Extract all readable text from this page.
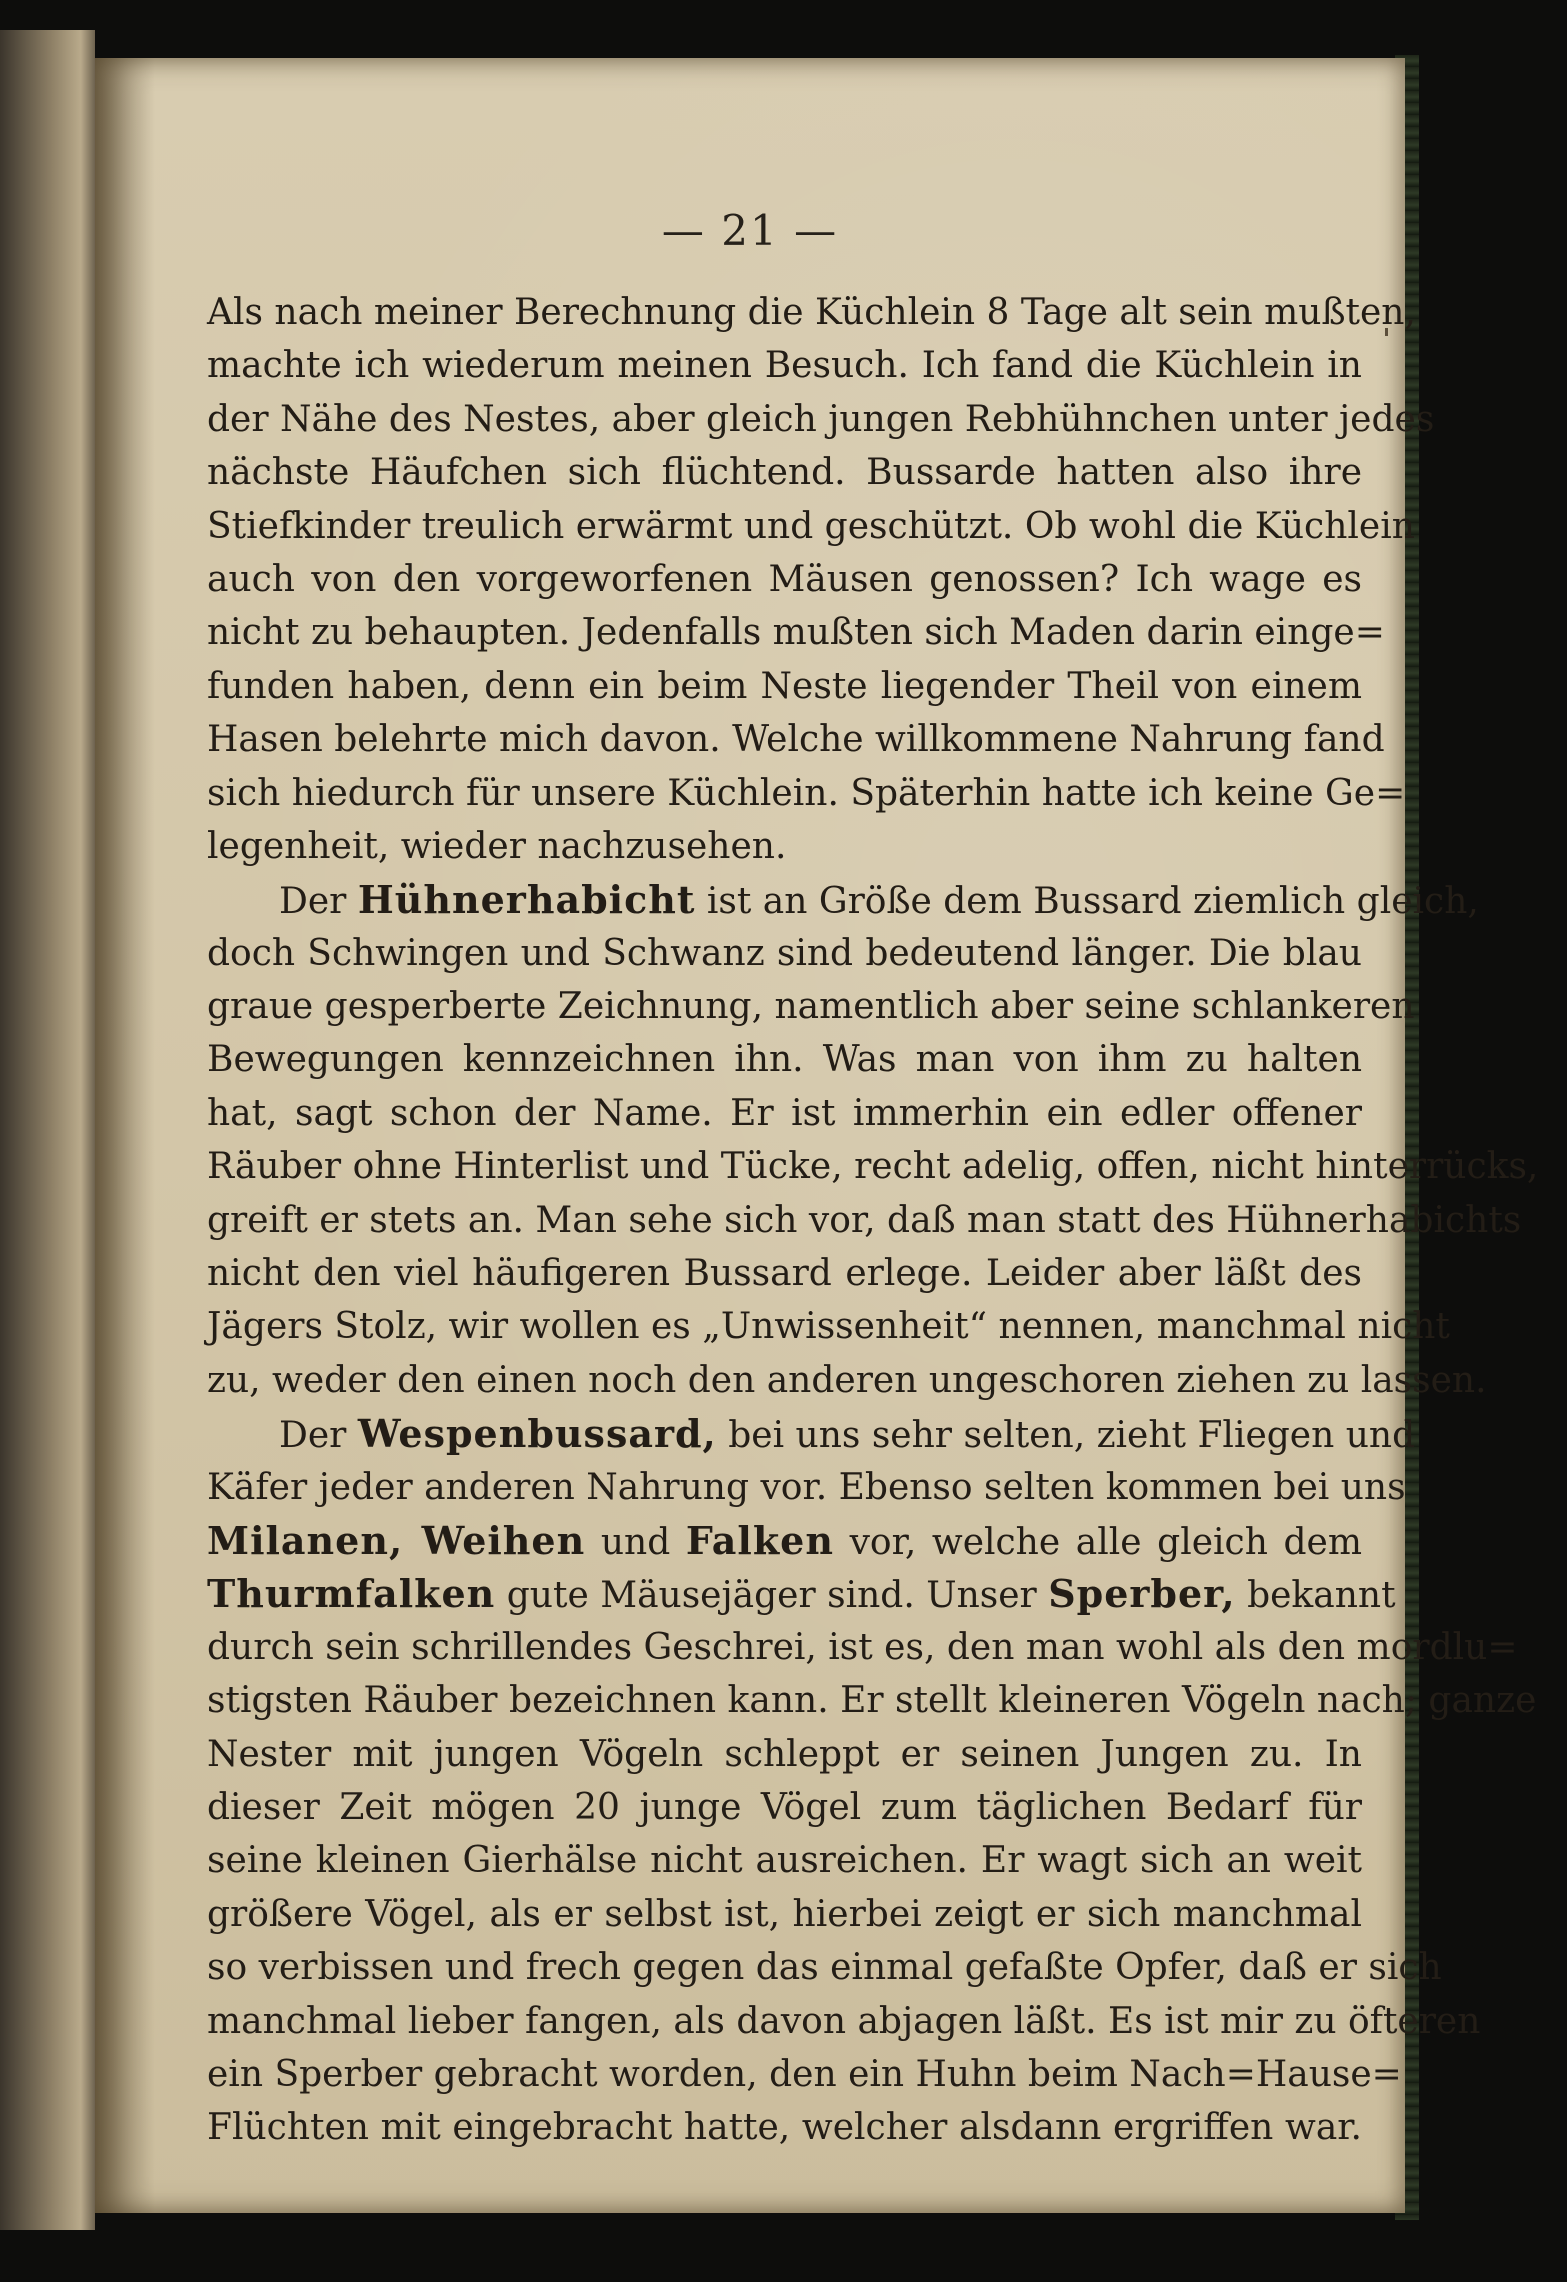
— 21 —
Als nach meiner Berechnung die Küchlein 8 Tage alt sein mußten,
machte ich wiederum meinen Besuch. Ich fand die Küchlein in
der Nähe des Nestes, aber gleich jungen Rebhühnchen unter jedes
nächste Häufchen sich flüchtend. Bussarde hatten also ihre
Stiefkinder treulich erwärmt und geschützt. Ob wohl die Küchlein
auch von den vorgeworfenen Mäusen genossen? Ich wage es
nicht zu behaupten. Jedenfalls mußten sich Maden darin einge=
funden haben, denn ein beim Neste liegender Theil von einem
Hasen belehrte mich davon. Welche willkommene Nahrung fand
sich hiedurch für unsere Küchlein. Späterhin hatte ich keine Ge=
legenheit, wieder nachzusehen.
Der Hühnerhabicht ist an Größe dem Bussard ziemlich gleich,
doch Schwingen und Schwanz sind bedeutend länger. Die blau
graue gesperberte Zeichnung, namentlich aber seine schlankeren
Bewegungen kennzeichnen ihn. Was man von ihm zu halten
hat, sagt schon der Name. Er ist immerhin ein edler offener
Räuber ohne Hinterlist und Tücke, recht adelig, offen, nicht hinterrücks,
greift er stets an. Man sehe sich vor, daß man statt des Hühnerhabichts
nicht den viel häufigeren Bussard erlege. Leider aber läßt des
Jägers Stolz, wir wollen es „Unwissenheit“ nennen, manchmal nicht
zu, weder den einen noch den anderen ungeschoren ziehen zu lassen.
Der Wespenbussard, bei uns sehr selten, zieht Fliegen und
Käfer jeder anderen Nahrung vor. Ebenso selten kommen bei uns
Milanen, Weihen und Falken vor, welche alle gleich dem
Thurmfalken gute Mäusejäger sind. Unser Sperber, bekannt
durch sein schrillendes Geschrei, ist es, den man wohl als den mordlu=
stigsten Räuber bezeichnen kann. Er stellt kleineren Vögeln nach; ganze
Nester mit jungen Vögeln schleppt er seinen Jungen zu. In
dieser Zeit mögen 20 junge Vögel zum täglichen Bedarf für
seine kleinen Gierhälse nicht ausreichen. Er wagt sich an weit
größere Vögel, als er selbst ist, hierbei zeigt er sich manchmal
so verbissen und frech gegen das einmal gefaßte Opfer, daß er sich
manchmal lieber fangen, als davon abjagen läßt. Es ist mir zu öfteren
ein Sperber gebracht worden, den ein Huhn beim Nach=Hause=
Flüchten mit eingebracht hatte, welcher alsdann ergriffen war.
